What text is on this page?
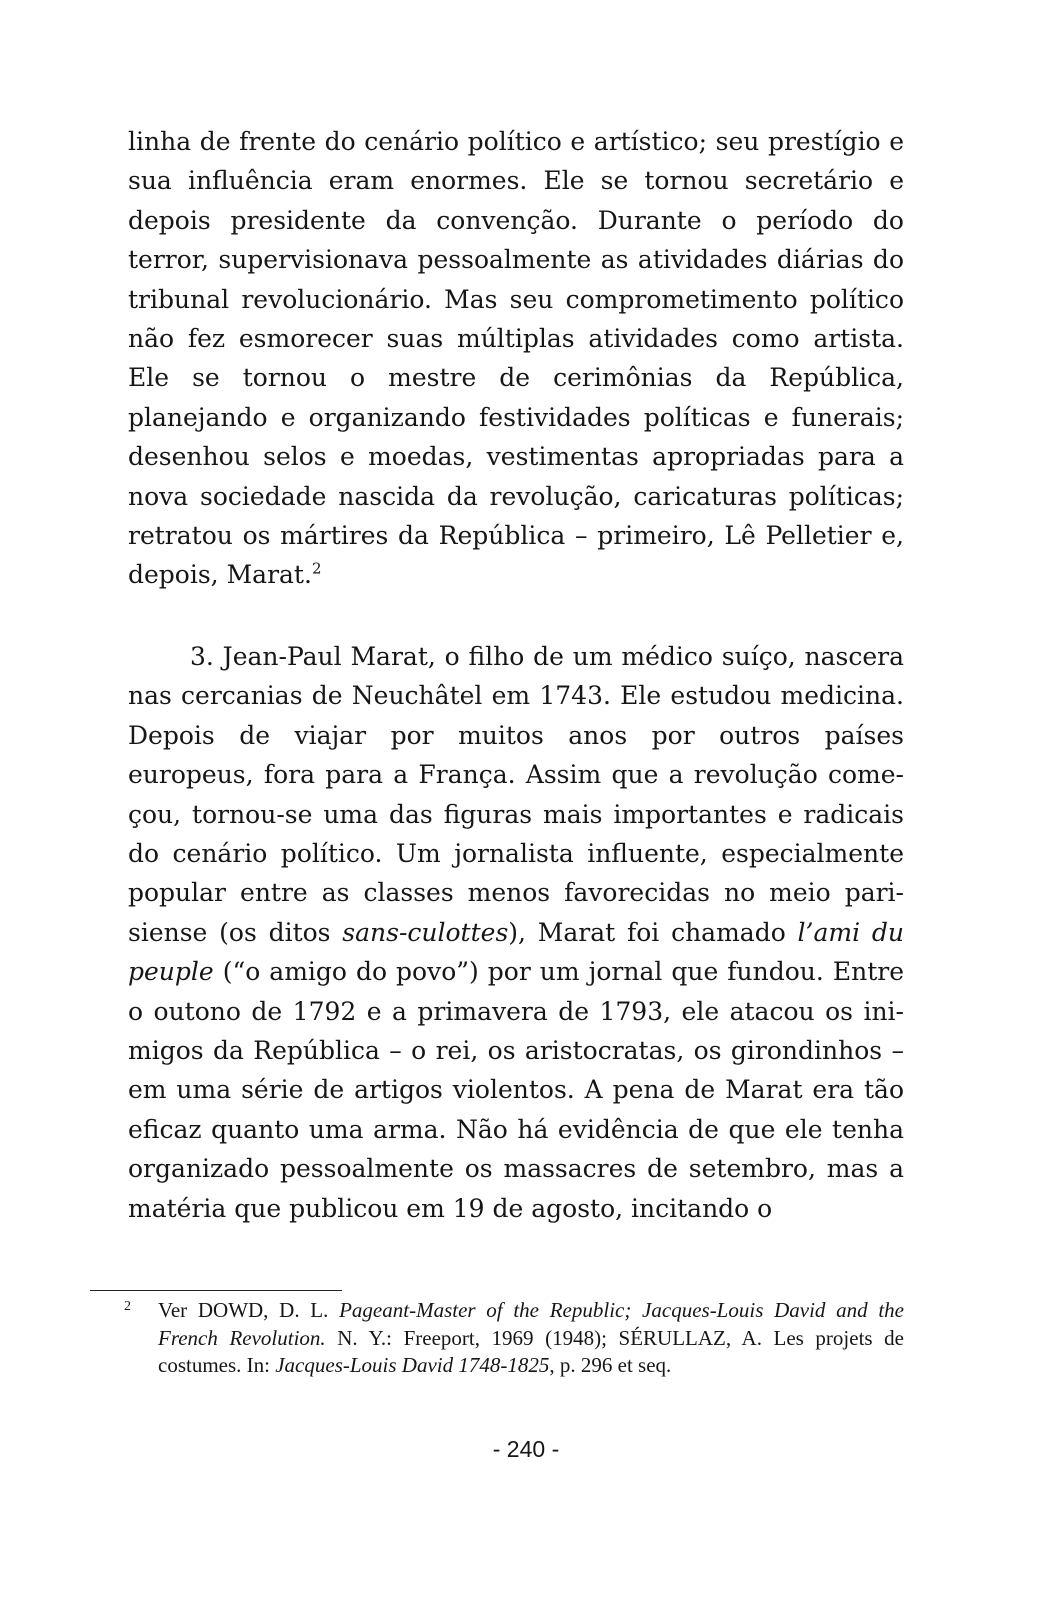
linha de frente do cenário político e artístico; seu prestígio e sua influência eram enormes. Ele se tornou secretário e depois presidente da convenção. Durante o período do terror, supervisionava pessoalmente as atividades diárias do tribunal revolucionário. Mas seu comprometimento político não fez esmorecer suas múltiplas atividades como artista. Ele se tornou o mestre de cerimônias da República, planejando e organizando festividades políticas e funerais; desenhou selos e moedas, vestimentas apropriadas para a nova sociedade nascida da revolução, caricaturas políticas; retratou os mártires da República – primeiro, Lê Pelletier e, depois, Marat.$^2$

3. Jean-Paul Marat, o filho de um médico suíço, nascera nas cercanias de Neuchâtel em 1743. Ele estudou medicina. Depois de viajar por muitos anos por outros países europeus, fora para a França. Assim que a revolução começou, tornou-se uma das figuras mais importantes e radicais do cenário político. Um jornalista influente, especialmente popular entre as classes menos favorecidas no meio parisiense (os ditos sans-culottes), Marat foi chamado l’ami du peuple (“o amigo do povo”) por um jornal que fundou. Entre o outono de 1792 e a primavera de 1793, ele atacou os inimigos da República – o rei, os aristocratas, os girondinhos – em uma série de artigos violentos. A pena de Marat era tão eficaz quanto uma arma. Não há evidência de que ele tenha organizado pessoalmente os massacres de setembro, mas a matéria que publicou em 19 de agosto, incitando o

2 Ver DOWD, D. L. Pageant-Master of the Republic; Jacques-Louis David and the French Revolution. N. Y.: Freeport, 1969 (1948); SÉRULLAZ, A. Les projets de costumes. In: Jacques-Louis David 1748-1825, p. 296 et seq.

- 240 -
